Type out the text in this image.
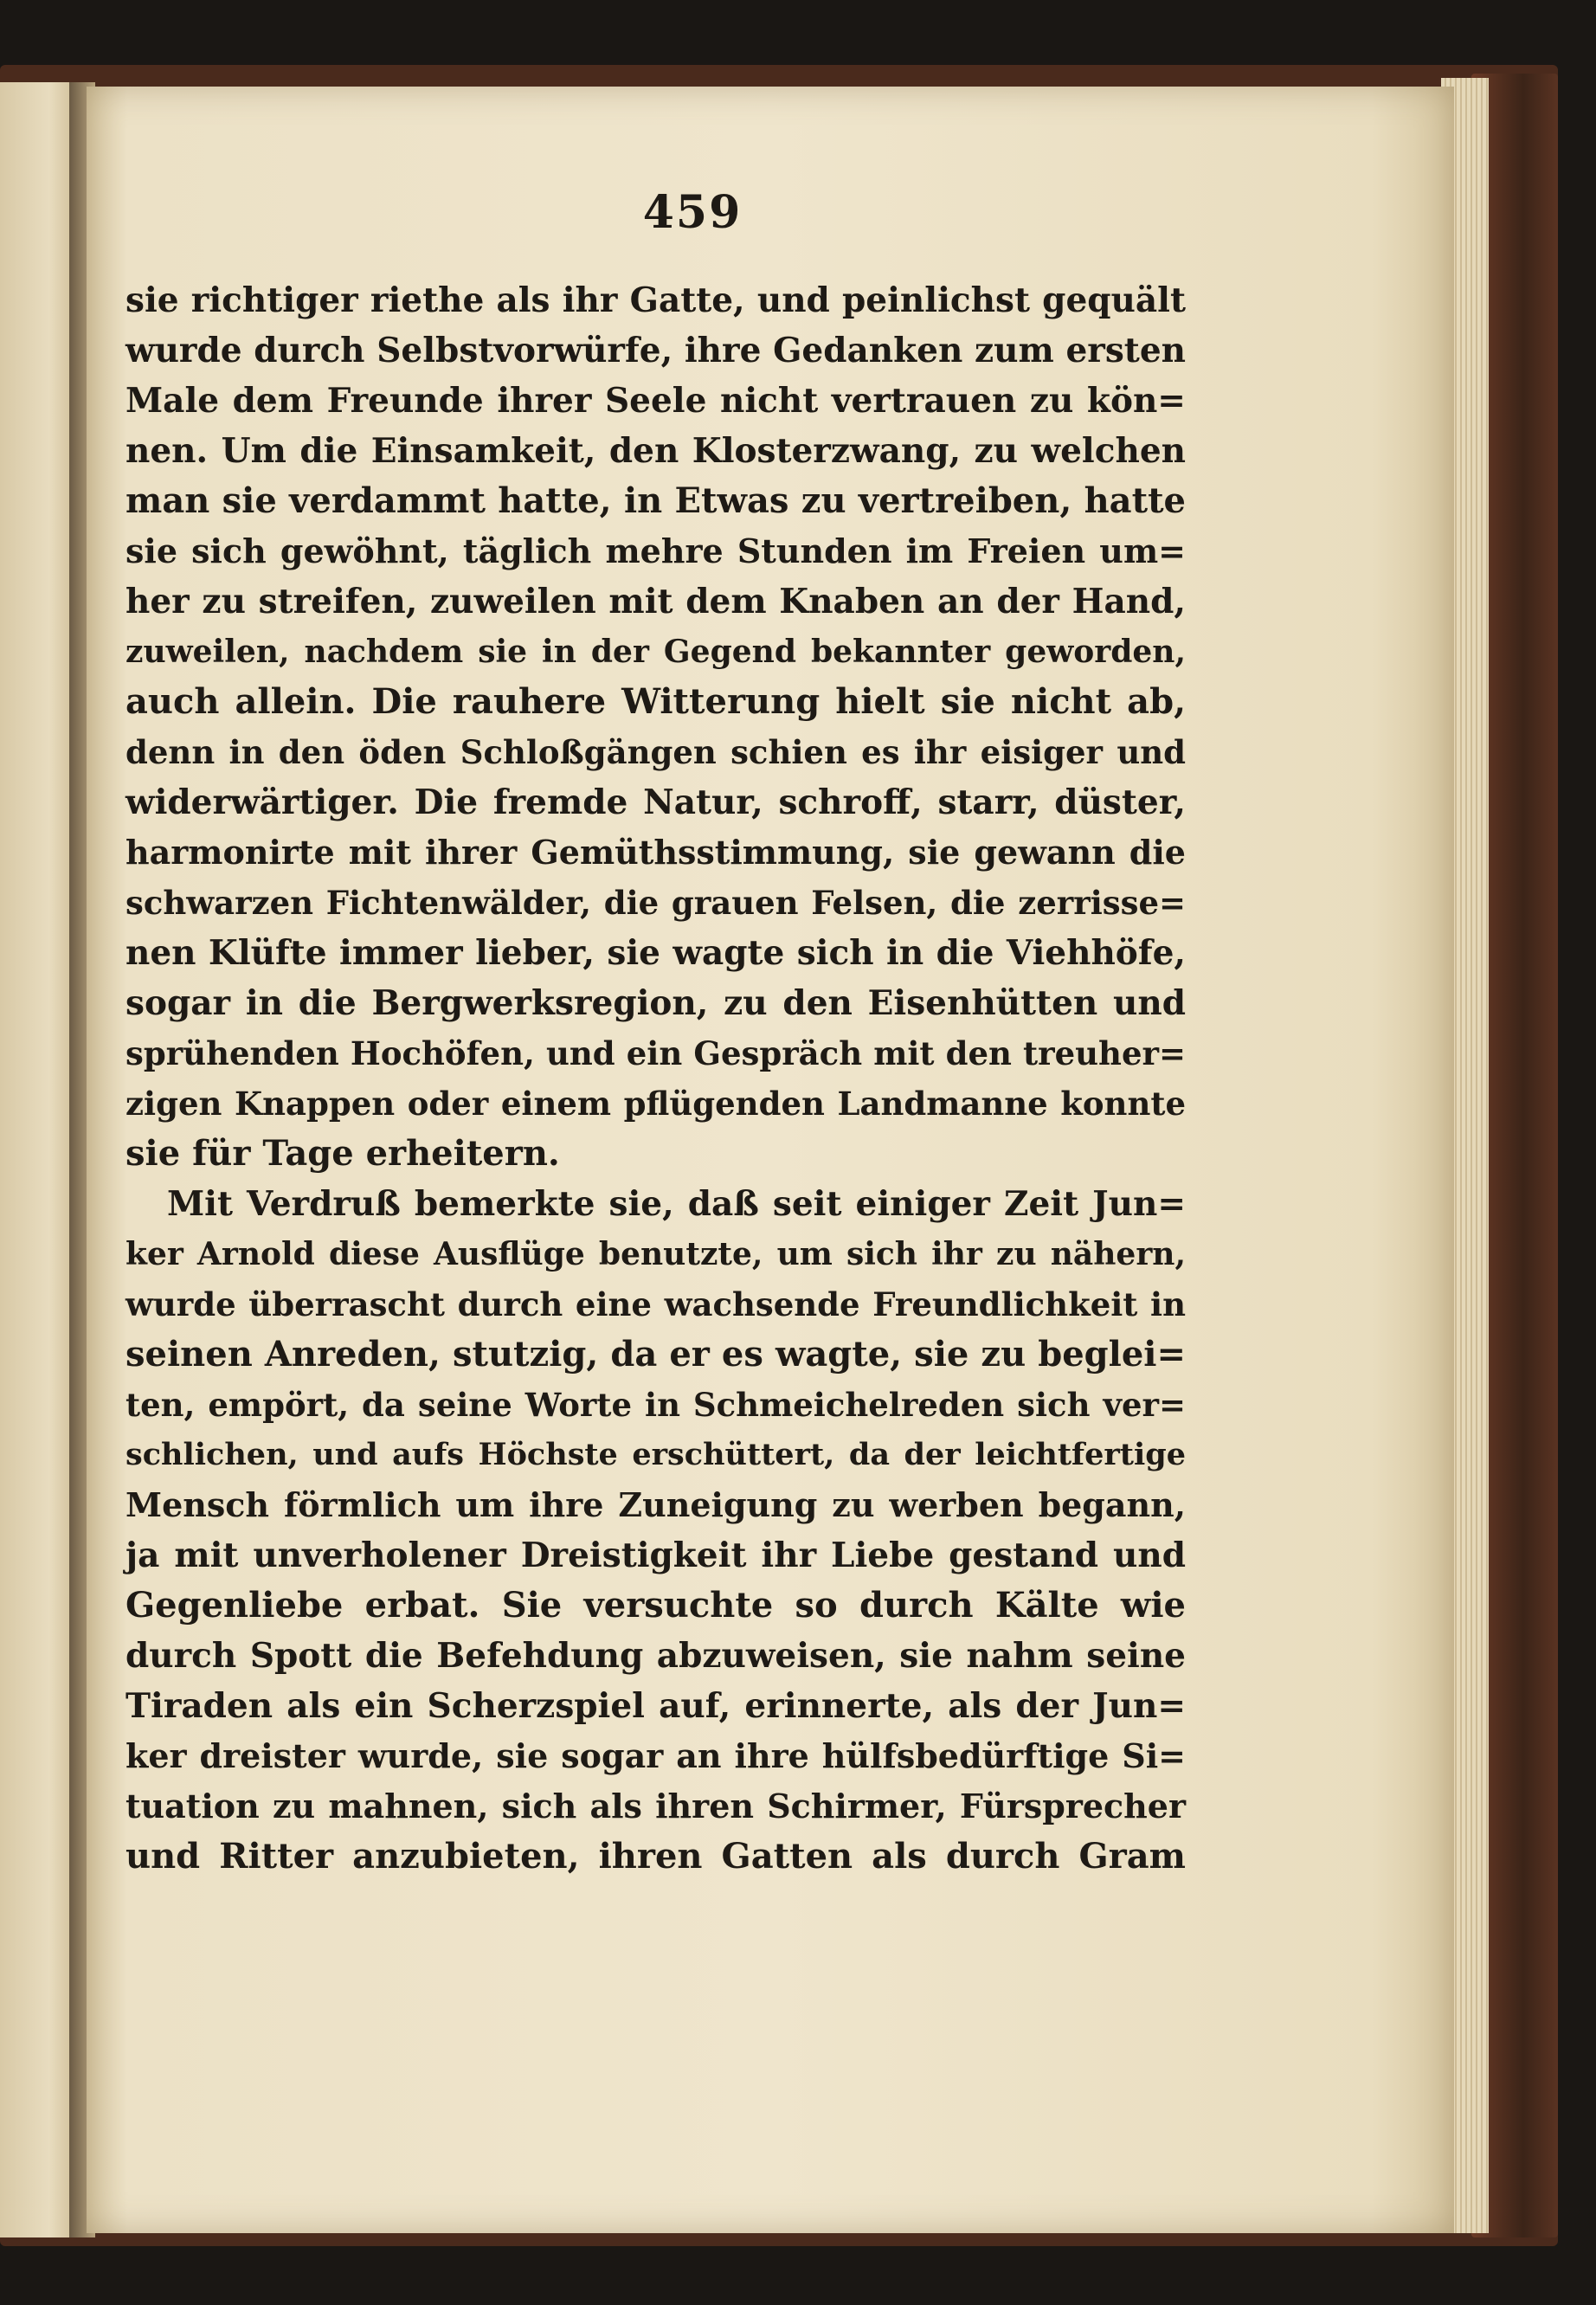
459
sie richtiger riethe als ihr Gatte, und peinlichst gequält
wurde durch Selbstvorwürfe, ihre Gedanken zum ersten
Male dem Freunde ihrer Seele nicht vertrauen zu kön=
nen. Um die Einsamkeit, den Klosterzwang, zu welchen
man sie verdammt hatte, in Etwas zu vertreiben, hatte
sie sich gewöhnt, täglich mehre Stunden im Freien um=
her zu streifen, zuweilen mit dem Knaben an der Hand,
zuweilen, nachdem sie in der Gegend bekannter geworden,
auch allein. Die rauhere Witterung hielt sie nicht ab,
denn in den öden Schloßgängen schien es ihr eisiger und
widerwärtiger. Die fremde Natur, schroff, starr, düster,
harmonirte mit ihrer Gemüthsstimmung, sie gewann die
schwarzen Fichtenwälder, die grauen Felsen, die zerrisse=
nen Klüfte immer lieber, sie wagte sich in die Viehhöfe,
sogar in die Bergwerksregion, zu den Eisenhütten und
sprühenden Hochöfen, und ein Gespräch mit den treuher=
zigen Knappen oder einem pflügenden Landmanne konnte
sie für Tage erheitern.
Mit Verdruß bemerkte sie, daß seit einiger Zeit Jun=
ker Arnold diese Ausflüge benutzte, um sich ihr zu nähern,
wurde überrascht durch eine wachsende Freundlichkeit in
seinen Anreden, stutzig, da er es wagte, sie zu beglei=
ten, empört, da seine Worte in Schmeichelreden sich ver=
schlichen, und aufs Höchste erschüttert, da der leichtfertige
Mensch förmlich um ihre Zuneigung zu werben begann,
ja mit unverholener Dreistigkeit ihr Liebe gestand und
Gegenliebe erbat. Sie versuchte so durch Kälte wie
durch Spott die Befehdung abzuweisen, sie nahm seine
Tiraden als ein Scherzspiel auf, erinnerte, als der Jun=
ker dreister wurde, sie sogar an ihre hülfsbedürftige Si=
tuation zu mahnen, sich als ihren Schirmer, Fürsprecher
und Ritter anzubieten, ihren Gatten als durch Gram
